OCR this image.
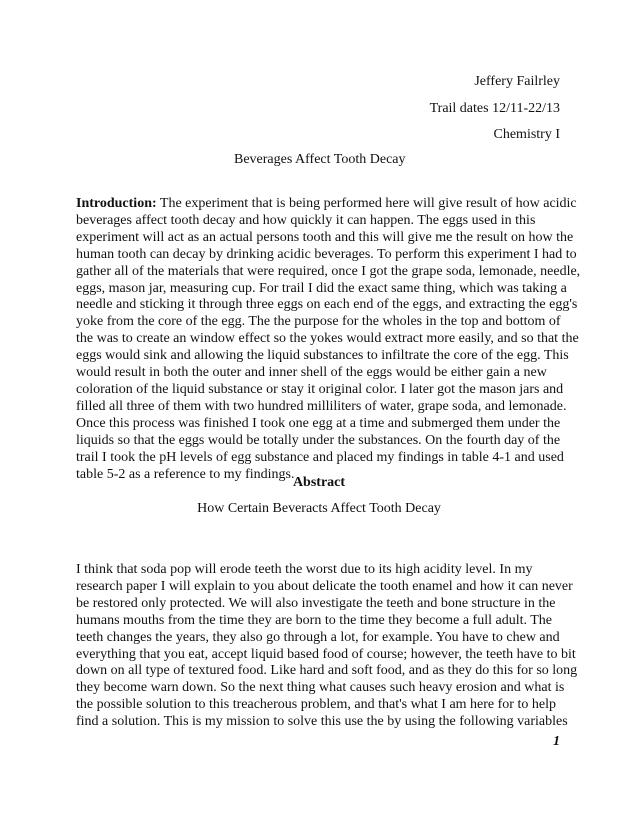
Jeffery Failrley
Trail dates 12/11-22/13
Chemistry I
Beverages Affect Tooth Decay
Introduction: The experiment that is being performed here will give result of how acidic
beverages affect tooth decay and how quickly it can happen. The eggs used in this
experiment will act as an actual persons tooth and this will give me the result on how the
human tooth can decay by drinking acidic beverages. To perform this experiment I had to
gather all of the materials that were required, once I got the grape soda, lemonade, needle,
eggs, mason jar, measuring cup. For trail I did the exact same thing, which was taking a
needle and sticking it through three eggs on each end of the eggs, and extracting the egg's
yoke from the core of the egg. The the purpose for the wholes in the top and bottom of
the was to create an window effect so the yokes would extract more easily, and so that the
eggs would sink and allowing the liquid substances to infiltrate the core of the egg. This
would result in both the outer and inner shell of the eggs would be either gain a new
coloration of the liquid substance or stay it original color. I later got the mason jars and
filled all three of them with two hundred milliliters of water, grape soda, and lemonade.
Once this process was finished I took one egg at a time and submerged them under the
liquids so that the eggs would be totally under the substances. On the fourth day of the
trail I took the pH levels of egg substance and placed my findings in table 4-1 and used
table 5-2 as a reference to my findings.
Abstract
How Certain Beveracts Affect Tooth Decay
I think that soda pop will erode teeth the worst due to its high acidity level. In my
research paper I will explain to you about delicate the tooth enamel and how it can never
be restored only protected. We will also investigate the teeth and bone structure in the
humans mouths from the time they are born to the time they become a full adult. The
teeth changes the years, they also go through a lot, for example. You have to chew and
everything that you eat, accept liquid based food of course; however, the teeth have to bit
down on all type of textured food. Like hard and soft food, and as they do this for so long
they become warn down. So the next thing what causes such heavy erosion and what is
the possible solution to this treacherous problem, and that's what I am here for to help
find a solution. This is my mission to solve this use the by using the following variables
1
